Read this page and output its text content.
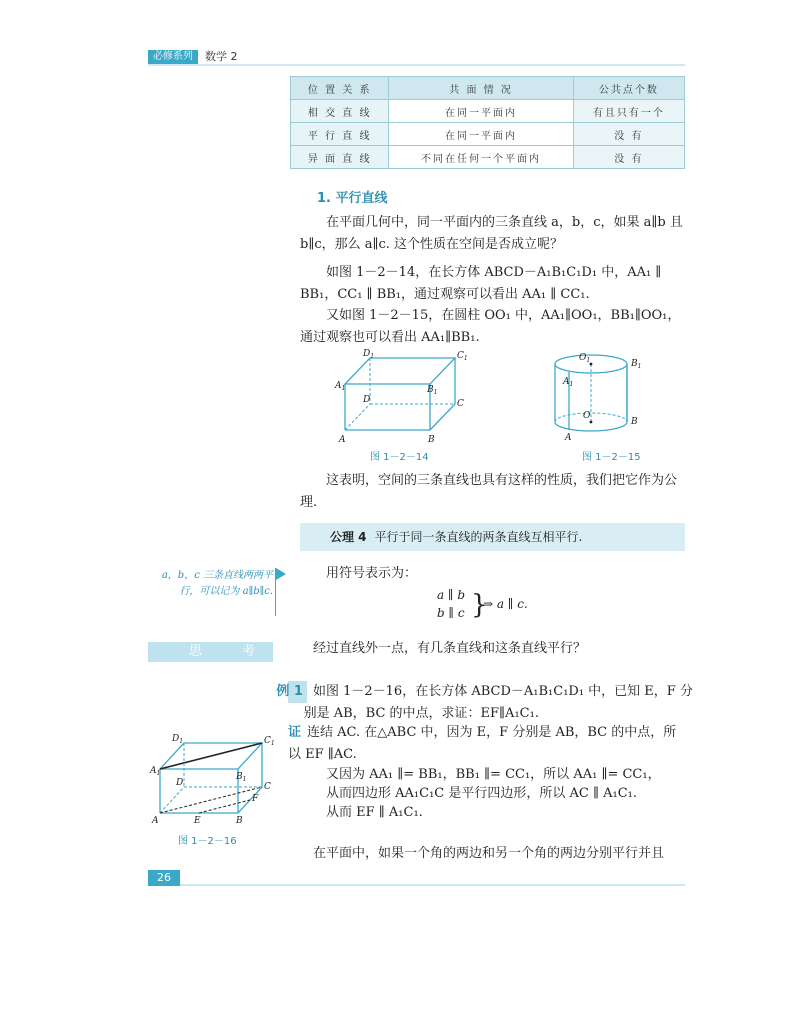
必修系列	数学 2
位 置 关 系	共 面 情 况	公共点个数
相 交 直 线	在同一平面内	有且只有一个
平 行 直 线	在同一平面内	没 有
异 面 直 线	不同在任何一个平面内	没 有
1. 平行直线
在平面几何中，同一平面内的三条直线 a，b，c，如果 a∥b 且 b∥c，那么 a∥c. 这个性质在空间是否成立呢？
如图 1－2－14，在长方体 ABCD－A₁B₁C₁D₁ 中，AA₁ ∥ BB₁，CC₁ ∥ BB₁，通过观察可以看出 AA₁ ∥ CC₁.
又如图 1－2－15，在圆柱 OO₁ 中，AA₁∥OO₁，BB₁∥OO₁，通过观察也可以看出 AA₁∥BB₁.
$D_1$	$C_1$
$A_1$	$B_1$
D	C
A	B
图 1－2－14
$O_1$	$B_1$
$A_1$
O
B
A
图 1－2－15
这表明，空间的三条直线也具有这样的性质，我们把它作为公理.
公理 4 平行于同一条直线的两条直线互相平行.
a，b，c 三条直线两两平行，可以记为 a∥b∥c.
用符号表示为：
a ∥ b
b ∥ c }
⇒ a ∥ c.
思 考	经过直线外一点，有几条直线和这条直线平行？
例 1 如图 1－2－16，在长方体 ABCD－A₁B₁C₁D₁ 中，已知 E，F 分别是 AB，BC 的中点，求证：EF∥A₁C₁.
证 连结 AC. 在△ABC 中，因为 E，F 分别是 AB，BC 的中点，所以 EF ∥AC.
又因为 AA₁ ∥= BB₁，BB₁ ∥= CC₁，所以 AA₁ ∥= CC₁，
从而四边形 AA₁C₁C 是平行四边形，所以 AC ∥ A₁C₁.
从而 EF ∥ A₁C₁.
$D_1$	$C_1$
$A_1$	$B_1$
D	C
F
A	E	B
图 1－2－16
在平面中，如果一个角的两边和另一个角的两边分别平行并且
26
